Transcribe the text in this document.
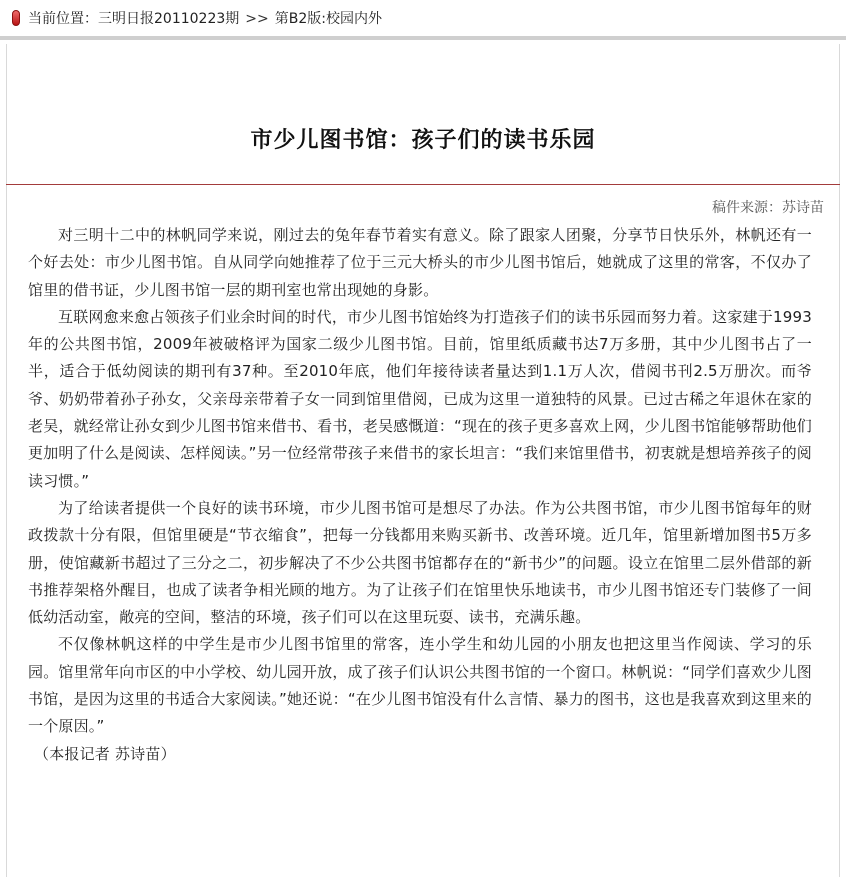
当前位置：三明日报20110223期 >> 第B2版:校园内外
市少儿图书馆：孩子们的读书乐园
稿件来源：苏诗苗

对三明十二中的林帆同学来说，刚过去的兔年春节着实有意义。除了跟家人团聚，分享节日快乐外，林帆还有一个好去处：市少儿图书馆。自从同学向她推荐了位于三元大桥头的市少儿图书馆后，她就成了这里的常客，不仅办了馆里的借书证，少儿图书馆一层的期刊室也常出现她的身影。

互联网愈来愈占领孩子们业余时间的时代，市少儿图书馆始终为打造孩子们的读书乐园而努力着。这家建于1993年的公共图书馆，2009年被破格评为国家二级少儿图书馆。目前，馆里纸质藏书达7万多册，其中少儿图书占了一半，适合于低幼阅读的期刊有37种。至2010年底，他们年接待读者量达到1.1万人次，借阅书刊2.5万册次。而爷爷、奶奶带着孙子孙女，父亲母亲带着子女一同到馆里借阅，已成为这里一道独特的风景。已过古稀之年退休在家的老吴，就经常让孙女到少儿图书馆来借书、看书，老吴感慨道：“现在的孩子更多喜欢上网，少儿图书馆能够帮助他们更加明了什么是阅读、怎样阅读。”另一位经常带孩子来借书的家长坦言：“我们来馆里借书，初衷就是想培养孩子的阅读习惯。”

为了给读者提供一个良好的读书环境，市少儿图书馆可是想尽了办法。作为公共图书馆，市少儿图书馆每年的财政拨款十分有限，但馆里硬是“节衣缩食”，把每一分钱都用来购买新书、改善环境。近几年，馆里新增加图书5万多册，使馆藏新书超过了三分之二，初步解决了不少公共图书馆都存在的“新书少”的问题。设立在馆里二层外借部的新书推荐架格外醒目，也成了读者争相光顾的地方。为了让孩子们在馆里快乐地读书，市少儿图书馆还专门装修了一间低幼活动室，敞亮的空间，整洁的环境，孩子们可以在这里玩耍、读书，充满乐趣。

不仅像林帆这样的中学生是市少儿图书馆里的常客，连小学生和幼儿园的小朋友也把这里当作阅读、学习的乐园。馆里常年向市区的中小学校、幼儿园开放，成了孩子们认识公共图书馆的一个窗口。林帆说：“同学们喜欢少儿图书馆，是因为这里的书适合大家阅读。”她还说：“在少儿图书馆没有什么言情、暴力的图书，这也是我喜欢到这里来的一个原因。”

（本报记者 苏诗苗）
